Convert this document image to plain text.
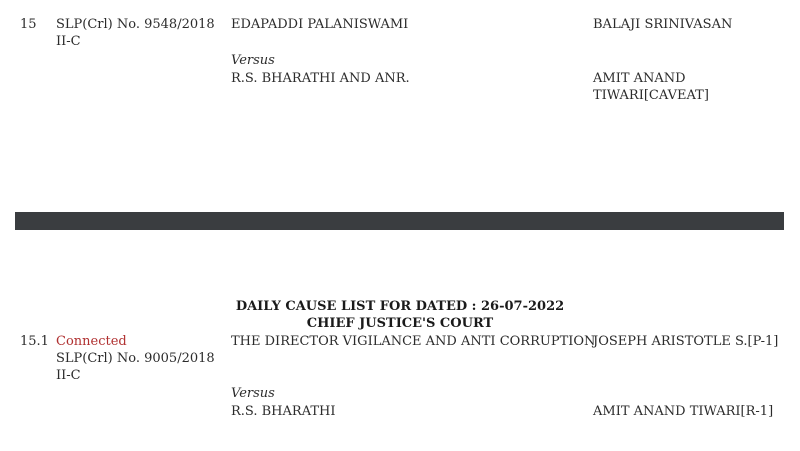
15 SLP(Crl) No. 9548/2018
II-C
EDAPADDI PALANISWAMI
Versus
R.S. BHARATHI AND ANR.
BALAJI SRINIVASAN
AMIT ANAND
TIWARI[CAVEAT]
DAILY CAUSE LIST FOR DATED : 26-07-2022
CHIEF JUSTICE'S COURT
15.1 Connected
SLP(Crl) No. 9005/2018
II-C
THE DIRECTOR VIGILANCE AND ANTI CORRUPTION
Versus
R.S. BHARATHI
JOSEPH ARISTOTLE S.[P-1]
AMIT ANAND TIWARI[R-1]
